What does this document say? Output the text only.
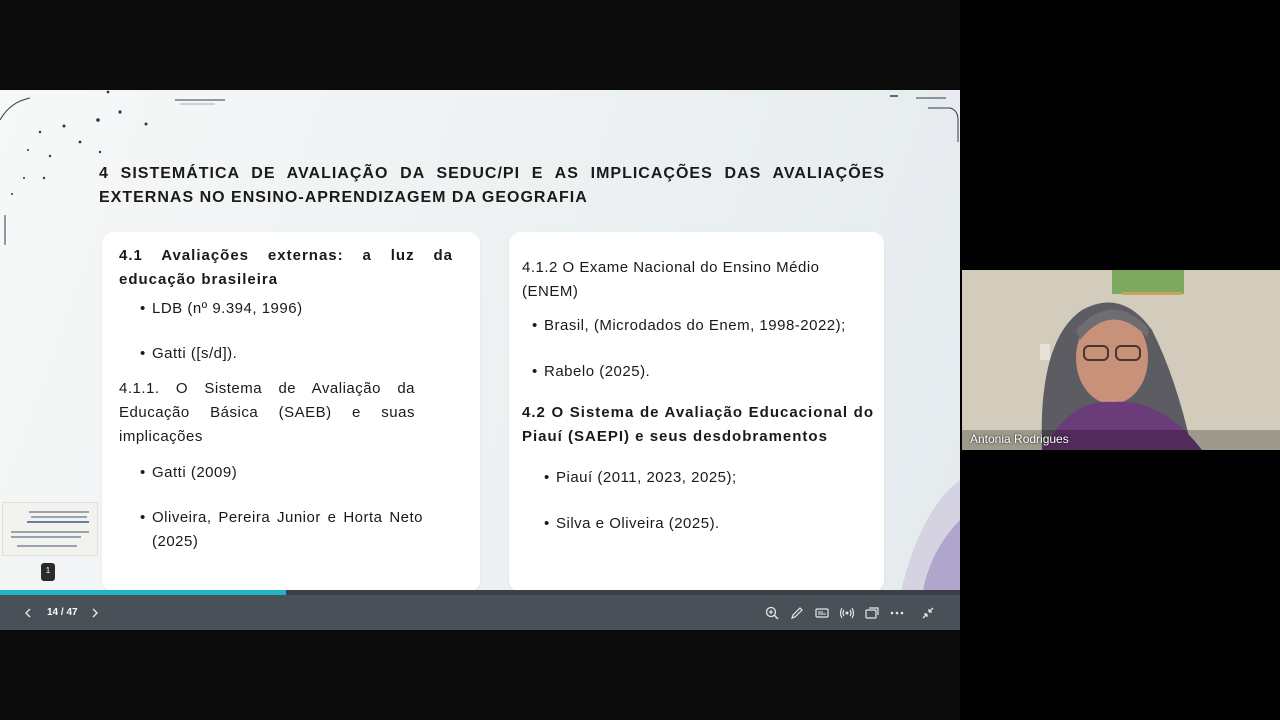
4 SISTEMÁTICA DE AVALIAÇÃO DA SEDUC/PI E AS IMPLICAÇÕES DAS AVALIAÇÕES EXTERNAS NO ENSINO-APRENDIZAGEM DA GEOGRAFIA
4.1 Avaliações externas: a luz da educação brasileira
• LDB (nº 9.394, 1996)
• Gatti ([s/d]).
4.1.1. O Sistema de Avaliação da Educação Básica (SAEB) e suas implicações
• Gatti (2009)
• Oliveira, Pereira Junior e Horta Neto (2025)
4.1.2 O Exame Nacional do Ensino Médio (ENEM)
• Brasil, (Microdados do Enem, 1998-2022);
• Rabelo (2025).
4.2 O Sistema de Avaliação Educacional do Piauí (SAEPI) e seus desdobramentos
• Piauí (2011, 2023, 2025);
• Silva e Oliveira (2025).
1
14 / 47
Antonia Rodrigues
